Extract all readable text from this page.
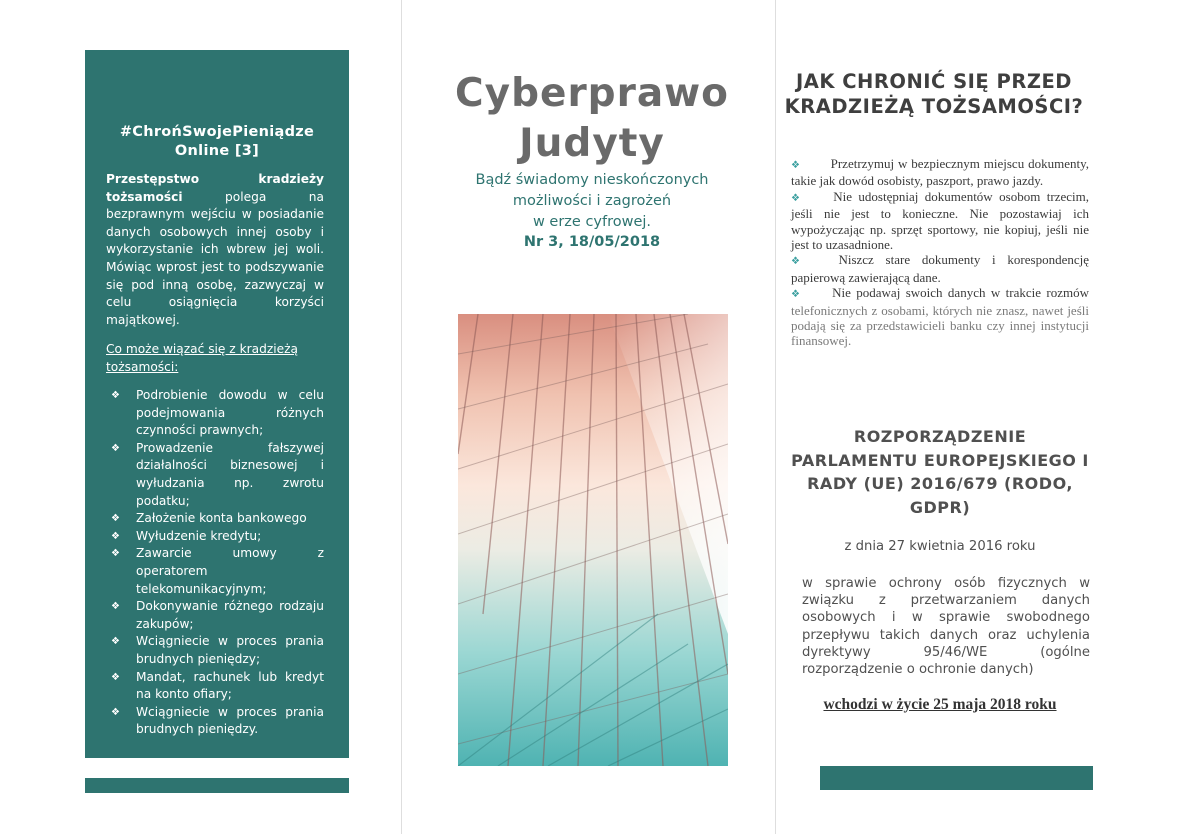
#ChrońSwojePieniądze Online [3]
Przestępstwo kradzieży tożsamości polega na bezprawnym wejściu w posiadanie danych osobowych innej osoby i wykorzystanie ich wbrew jej woli. Mówiąc wprost jest to podszywanie się pod inną osobę, zazwyczaj w celu osiągnięcia korzyści majątkowej.
Co może wiązać się z kradzieżą tożsamości:
❖ Podrobienie dowodu w celu podejmowania różnych czynności prawnych;
❖ Prowadzenie fałszywej działalności biznesowej i wyłudzania np. zwrotu podatku;
❖ Założenie konta bankowego
❖ Wyłudzenie kredytu;
❖ Zawarcie umowy z operatorem telekomunikacyjnym;
❖ Dokonywanie różnego rodzaju zakupów;
❖ Wciągniecie w proces prania brudnych pieniędzy;
❖ Mandat, rachunek lub kredyt na konto ofiary;
❖ Wciągniecie w proces prania brudnych pieniędzy.
Cyberprawo
Judyty
Bądź świadomy nieskończonych
możliwości i zagrożeń
w erze cyfrowej.
Nr 3, 18/05/2018
JAK CHRONIĆ SIĘ PRZED KRADZIEŻĄ TOŻSAMOŚCI?

❖ Przetrzymuj w bezpiecznym miejscu dokumenty, takie jak dowód osobisty, paszport, prawo jazdy.

❖ Nie udostępniaj dokumentów osobom trzecim, jeśli nie jest to konieczne. Nie pozostawiaj ich wypożyczając np. sprzęt sportowy, nie kopiuj, jeśli nie jest to uzasadnione.

❖ Niszcz stare dokumenty i korespondencję papierową zawierającą dane.

❖ Nie podawaj swoich danych w trakcie rozmów telefonicznych z osobami, których nie znasz, nawet jeśli podają się za przedstawicieli banku czy innej instytucji finansowej.

ROZPORZĄDZENIE PARLAMENTU EUROPEJSKIEGO I RADY (UE) 2016/679 (RODO, GDPR)
z dnia 27 kwietnia 2016 roku
w sprawie ochrony osób fizycznych w związku z przetwarzaniem danych osobowych i w sprawie swobodnego przepływu takich danych oraz uchylenia dyrektywy 95/46/WE (ogólne rozporządzenie o ochronie danych)
wchodzi w życie 25 maja 2018 roku
